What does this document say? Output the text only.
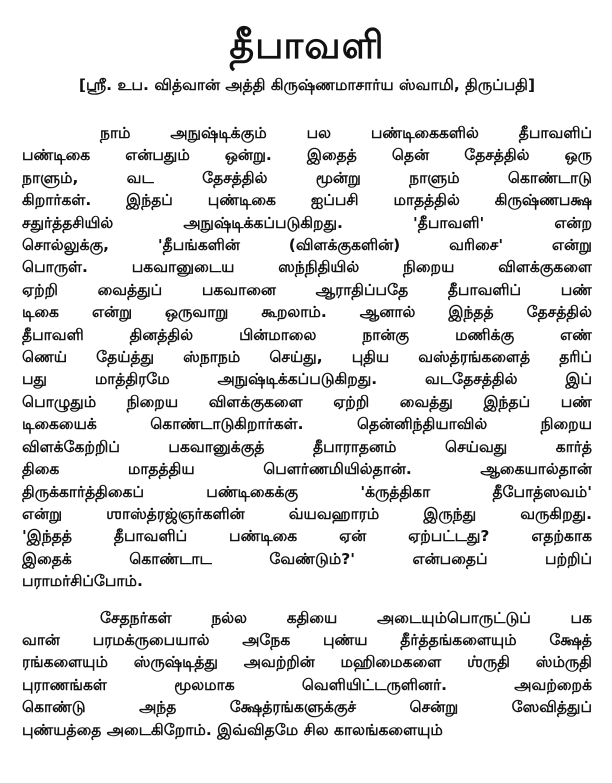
தீபாவளி
[ஸ்ரீ. உப. வித்வான் அத்தி கிருஷ்ணமாசார்ய ஸ்வாமி, திருப்பதி]

நாம் அநுஷ்டிக்கும் பல பண்டிகைகளில் தீபாவளிப்
பண்டிகை என்பதும் ஒன்று. இதைத் தென் தேசத்தில் ஒரு
நாளும், வட தேசத்தில் மூன்று நாளும் கொண்டாடு
கிறார்கள். இந்தப் புண்டிகை ஐப்பசி மாதத்தில் கிருஷ்ணபக்ஷ
சதுர்த்தசியில் அநுஷ்டிக்கப்படுகிறது. 'தீபாவளி' என்ற
சொல்லுக்கு, 'தீபங்களின் (விளக்குகளின்) வரிசை' என்று
பொருள். பகவானுடைய ஸந்நிதியில் நிறைய விளக்குகளை
ஏற்றி வைத்துப் பகவானை ஆராதிப்பதே தீபாவளிப் பண்
டிகை என்று ஒருவாறு கூறலாம். ஆனால் இந்தத் தேசத்தில்
தீபாவளி தினத்தில் பின்மாலை நான்கு மணிக்கு எண்
ணெய் தேய்த்து ஸ்நாநம் செய்து, புதிய வஸ்த்ரங்களைத் தரிப்
பது மாத்திரமே அநுஷ்டிக்கப்படுகிறது. வடதேசத்தில் இப்
பொழுதும் நிறைய விளக்குகளை ஏற்றி வைத்து இந்தப் பண்
டிகையைக் கொண்டாடுகிறார்கள். தென்னிந்தியாவில் நிறைய
விளக்கேற்றிப் பகவானுக்குத் தீபாராதனம் செய்வது கார்த்
திகை மாதத்திய பௌர்ணமியில்தான். ஆகையால்தான்
திருக்கார்த்திகைப் பண்டிகைக்கு 'க்ருத்திகா தீபோத்ஸவம்'
என்று ஶாஸ்த்ரஜ்ஞர்களின் வ்யவஹாரம் இருந்து வருகிறது.
'இந்தத் தீபாவளிப் பண்டிகை ஏன் ஏற்பட்டது? எதற்காக
இதைக் கொண்டாட வேண்டும்?' என்பதைப் பற்றிப்
பராமர்சிப்போம்.

சேதநர்கள் நல்ல கதியை அடையும்பொருட்டுப் பக
வான் பரமக்ருபையால் அநேக புண்ய தீர்த்தங்களையும் க்ஷேத்
ரங்களையும் ஸ்ருஷ்டித்து அவற்றின் மஹிமைகளை ஶ்ருதி ஸ்ம்ருதி
புராணங்கள் மூலமாக வெளியிட்டருளினர். அவற்றைக்
கொண்டு அந்த க்ஷேத்ரங்களுக்குச் சென்று ஸேவித்துப்
புண்யத்தை அடைகிறோம். இவ்விதமே சில காலங்களையும்
